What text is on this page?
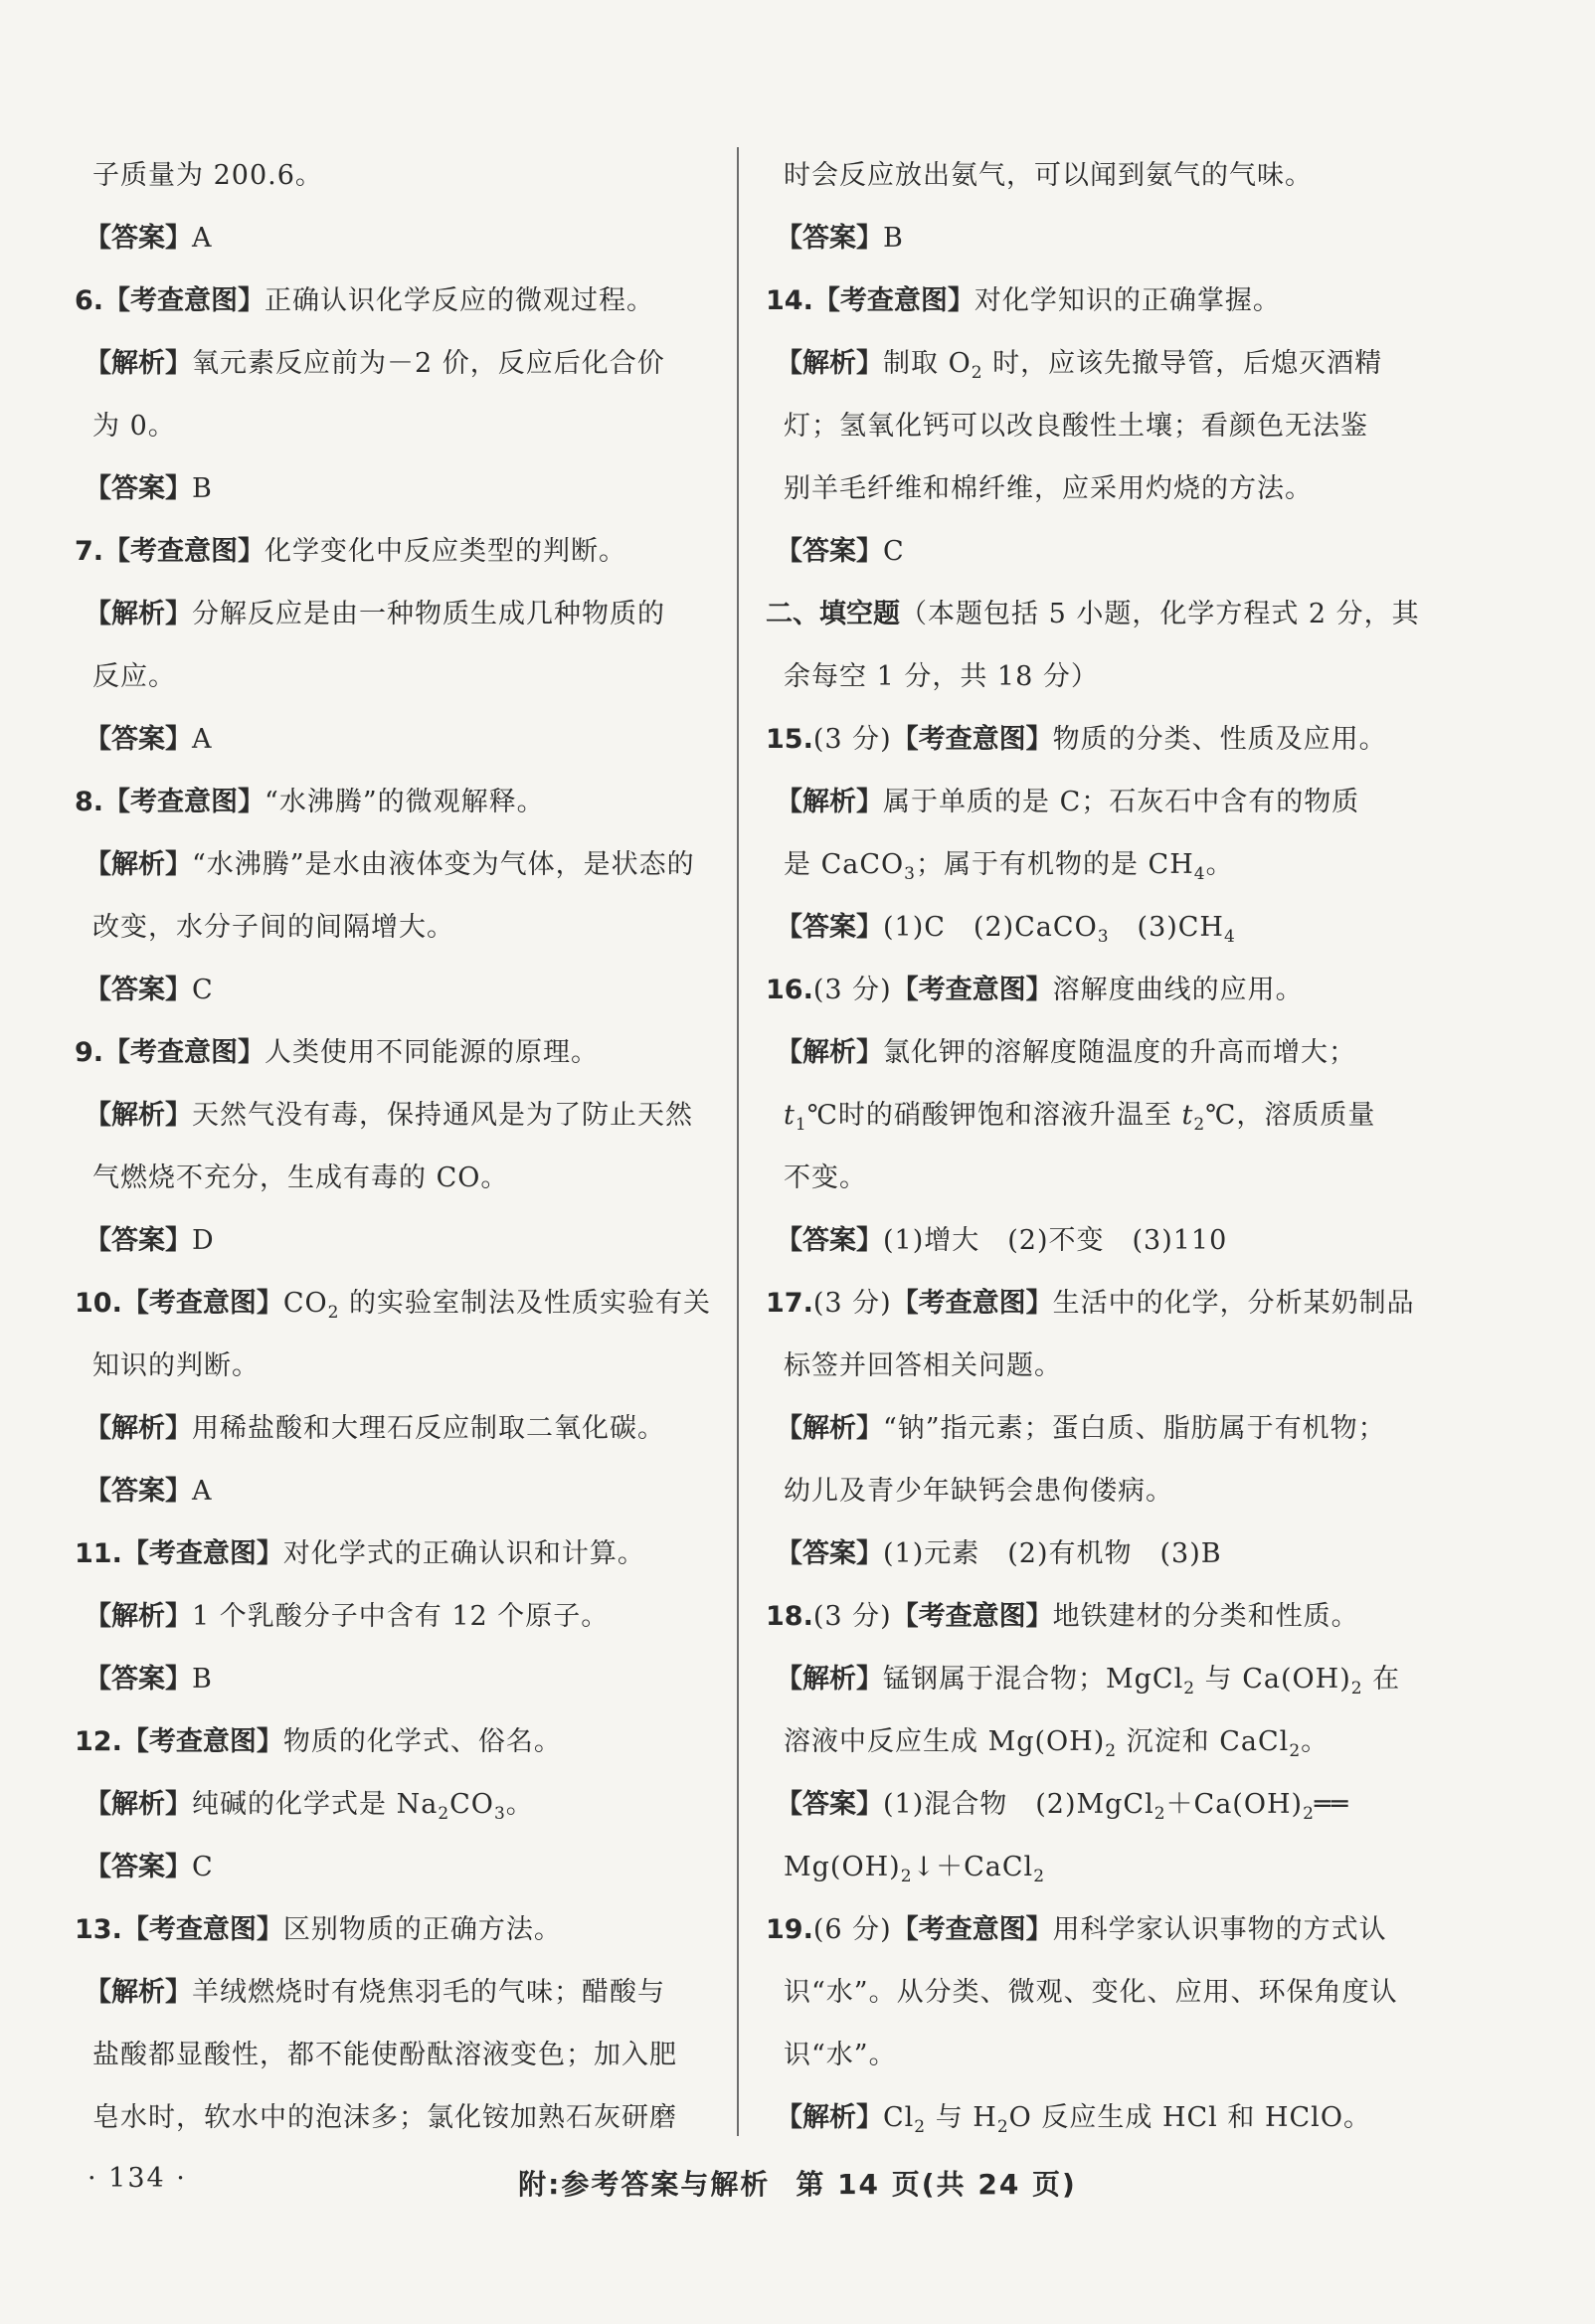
子质量为 200.6。
【答案】A
6.【考查意图】正确认识化学反应的微观过程。
【解析】氧元素反应前为－2 价，反应后化合价
为 0。
【答案】B
7.【考查意图】化学变化中反应类型的判断。
【解析】分解反应是由一种物质生成几种物质的
反应。
【答案】A
8.【考查意图】“水沸腾”的微观解释。
【解析】“水沸腾”是水由液体变为气体，是状态的
改变，水分子间的间隔增大。
【答案】C
9.【考查意图】人类使用不同能源的原理。
【解析】天然气没有毒，保持通风是为了防止天然
气燃烧不充分，生成有毒的 CO。
【答案】D
10.【考查意图】$CO_2$ 的实验室制法及性质实验有关
知识的判断。
【解析】用稀盐酸和大理石反应制取二氧化碳。
【答案】A
11.【考查意图】对化学式的正确认识和计算。
【解析】1 个乳酸分子中含有 12 个原子。
【答案】B
12.【考查意图】物质的化学式、俗名。
【解析】纯碱的化学式是 $Na_2CO_3$。
【答案】C
13.【考查意图】区别物质的正确方法。
【解析】羊绒燃烧时有烧焦羽毛的气味；醋酸与
盐酸都显酸性，都不能使酚酞溶液变色；加入肥
皂水时，软水中的泡沫多；氯化铵加熟石灰研磨
时会反应放出氨气，可以闻到氨气的气味。
【答案】B
14.【考查意图】对化学知识的正确掌握。
【解析】制取 $O_2$ 时，应该先撤导管，后熄灭酒精
灯；氢氧化钙可以改良酸性土壤；看颜色无法鉴
别羊毛纤维和棉纤维，应采用灼烧的方法。
【答案】C
二、填空题（本题包括 5 小题，化学方程式 2 分，其
余每空 1 分，共 18 分）
15.(3 分)【考查意图】物质的分类、性质及应用。
【解析】属于单质的是 C；石灰石中含有的物质
是 CaCO$_3$；属于有机物的是 $CH_4$。
【答案】(1)C　(2)CaCO$_3$　$(3)CH_4$
16.(3 分)【考查意图】溶解度曲线的应用。
【解析】氯化钾的溶解度随温度的升高而增大；
$t_1℃$时的硝酸钾饱和溶液升温至 $t_2℃$，溶质质量
不变。
【答案】(1)增大　(2)不变　(3)110
17.(3 分)【考查意图】生活中的化学，分析某奶制品
标签并回答相关问题。
【解析】“钠”指元素；蛋白质、脂肪属于有机物；
幼儿及青少年缺钙会患佝偻病。
【答案】(1)元素　(2)有机物　(3)B
18.(3 分)【考查意图】地铁建材的分类和性质。
【解析】锰钢属于混合物；MgCl$_2$ 与 $Ca(OH)_2$ 在
溶液中反应生成 $Mg(OH)_2$ 沉淀和 CaCl$_2$。
【答案】(1)混合物　$(2)MgCl_2+Ca(OH)_2══$
$Mg(OH)_2↓+CaCl_2$
19.(6 分)【考查意图】用科学家认识事物的方式认
识“水”。从分类、微观、变化、应用、环保角度认
识“水”。
【解析】$Cl_2$ 与 $H_2O$ 反应生成 HCl 和 HClO。
· 134 ·	附:参考答案与解析 第 14 页(共 24 页)
